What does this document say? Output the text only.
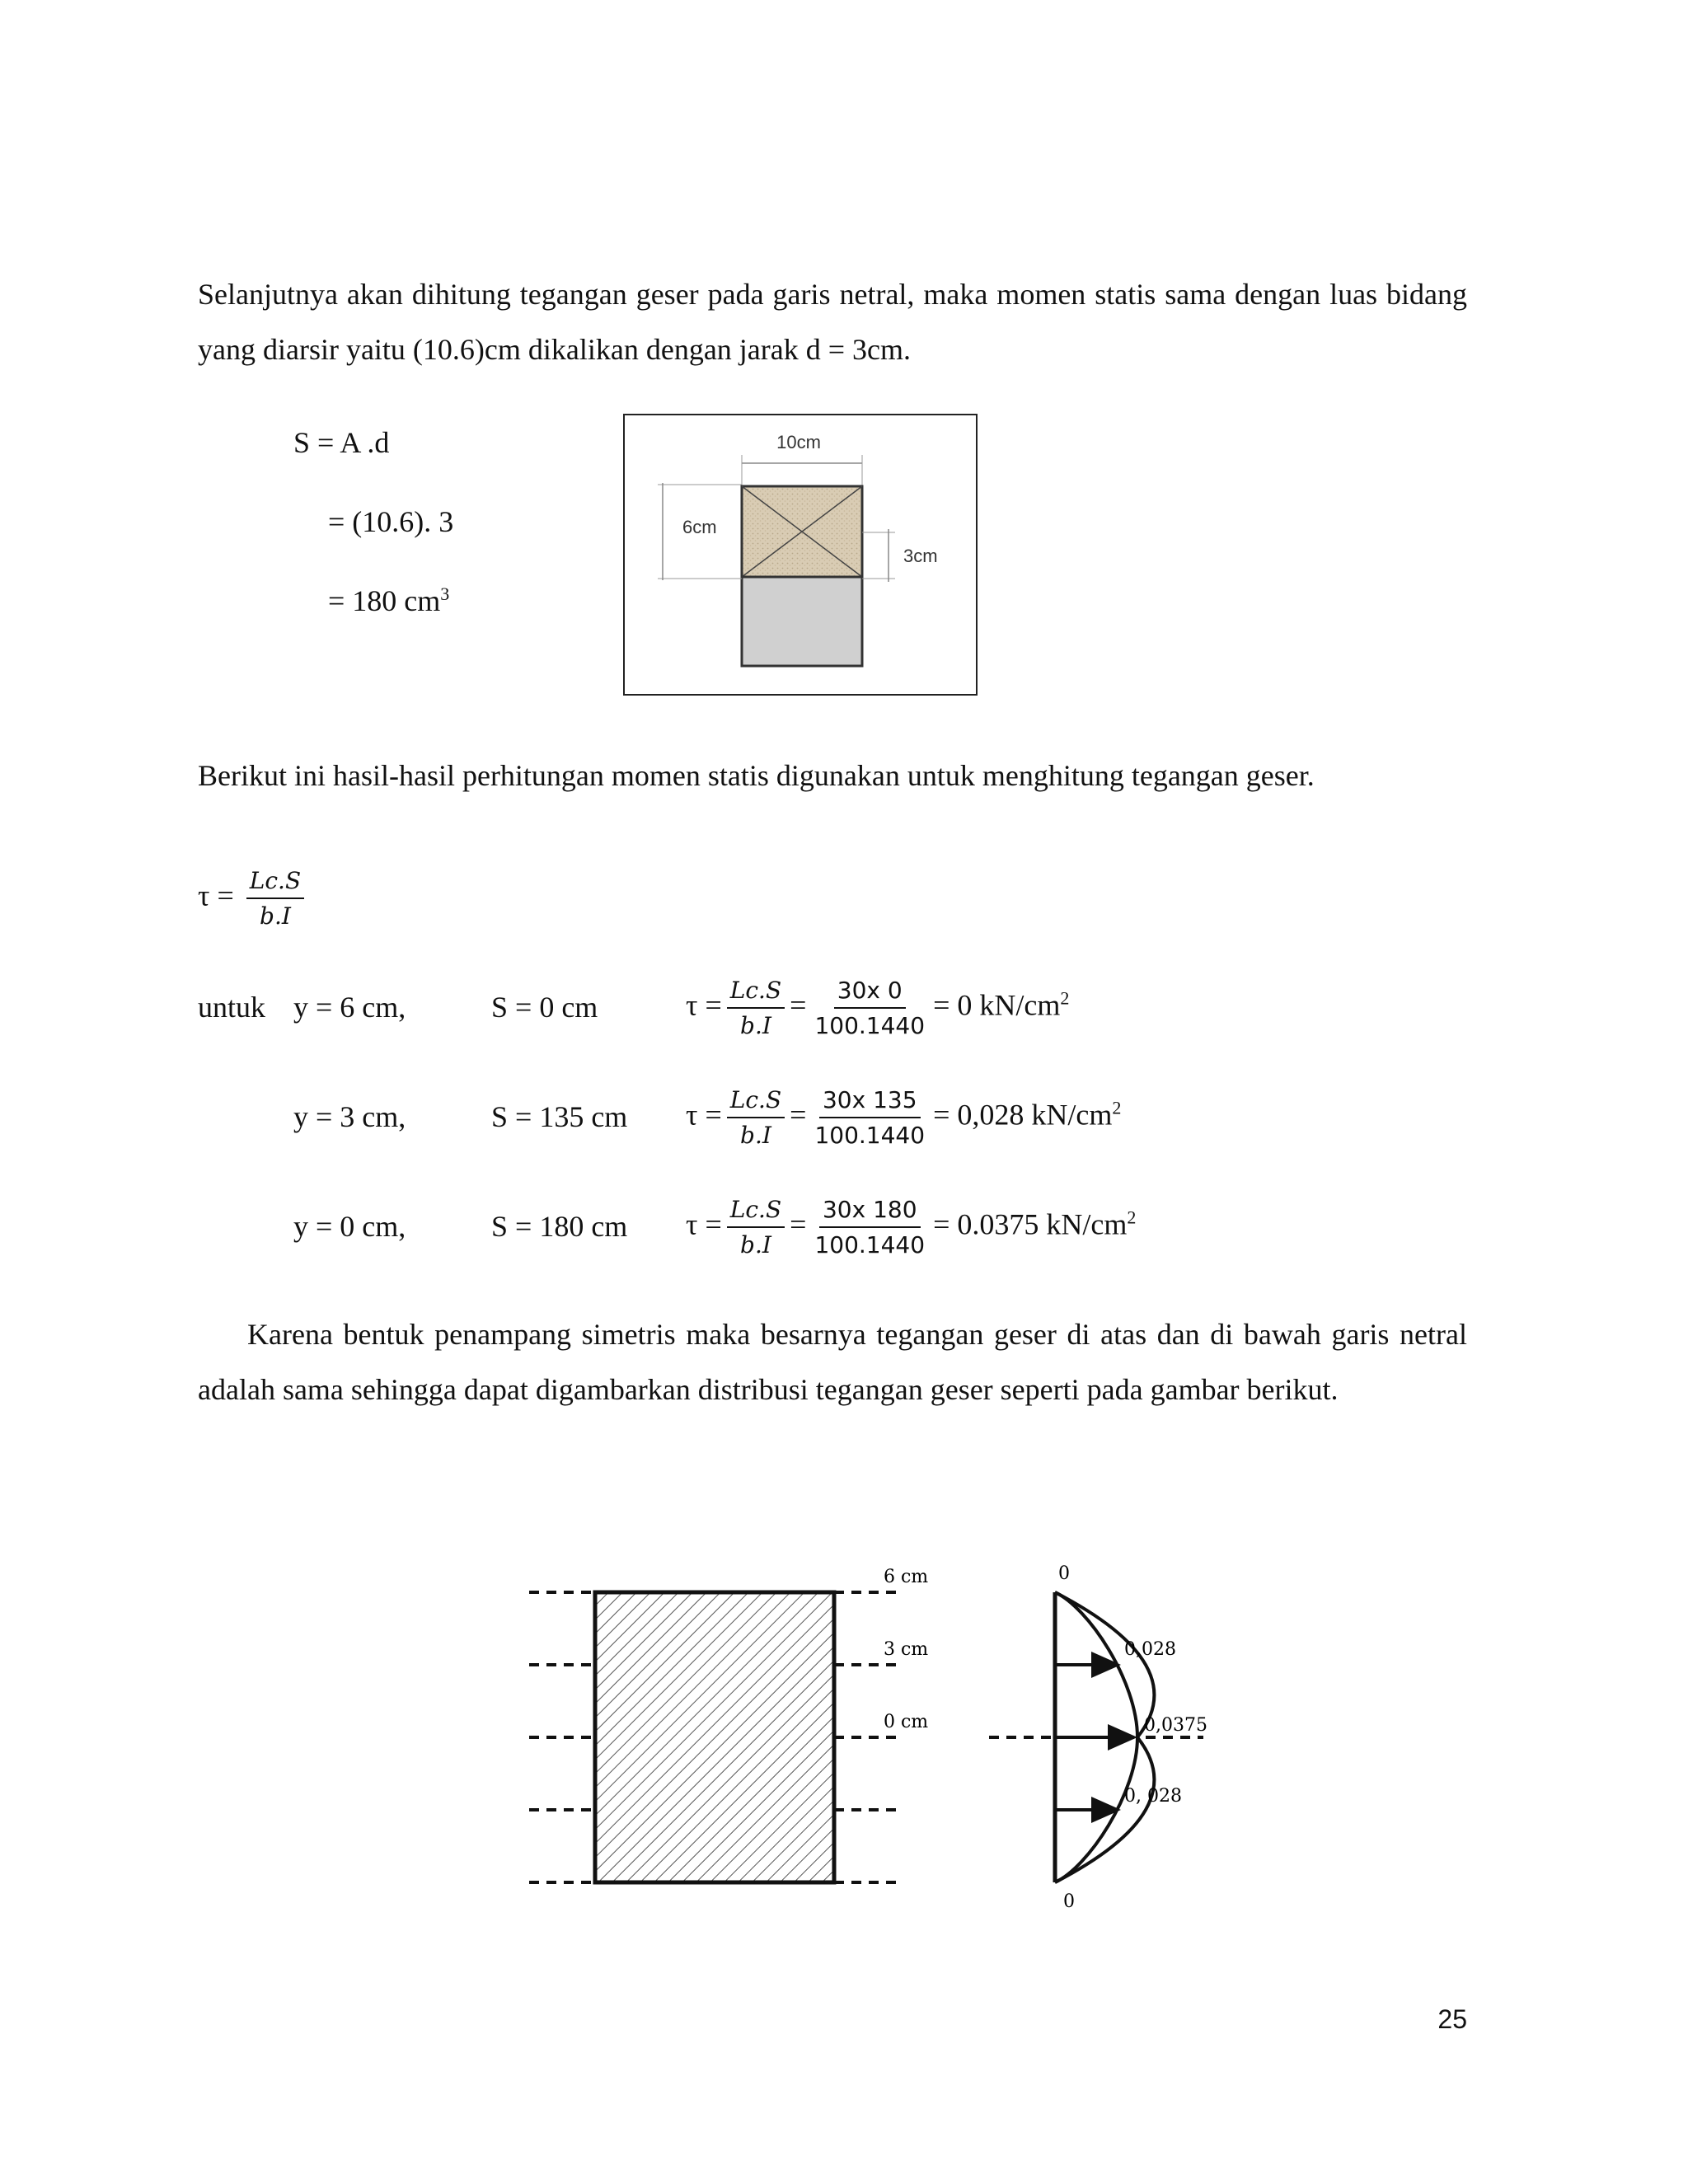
Selanjutnya akan dihitung tegangan geser pada garis netral, maka momen statis sama dengan luas bidang yang diarsir yaitu (10.6)cm dikalikan dengan jarak d = 3cm.
S = A .d
= (10.6). 3
= 180 $cm^3$
10cm
6cm
3cm
Berikut ini hasil-hasil perhitungan momen statis digunakan untuk menghitung tegangan geser.
$\tau = \frac{Lc.S}{b.I}$
untuk y = 6 cm,	S = 0 cm	$\tau = \frac{Lc.S}{b.I} = \frac{30x 0}{100.1440} = 0$ $kN/cm^2$
y = 3 cm,	S = 135 cm $\tau = \frac{Lc.S}{b.I} = \frac{30x 135}{100.1440} = 0,028$ $kN/cm^2$
y = 0 cm,	S = 180 cm $\tau = \frac{Lc.S}{b.I} = \frac{30x 180}{100.1440} = 0.0375$ $kN/cm^2$
Karena bentuk penampang simetris maka besarnya tegangan geser di atas dan di bawah garis netral adalah sama sehingga dapat digambarkan distribusi tegangan geser seperti pada gambar berikut.
6 cm
3 cm
0 cm
0
0,028
0,0375
0, 028
0
25
